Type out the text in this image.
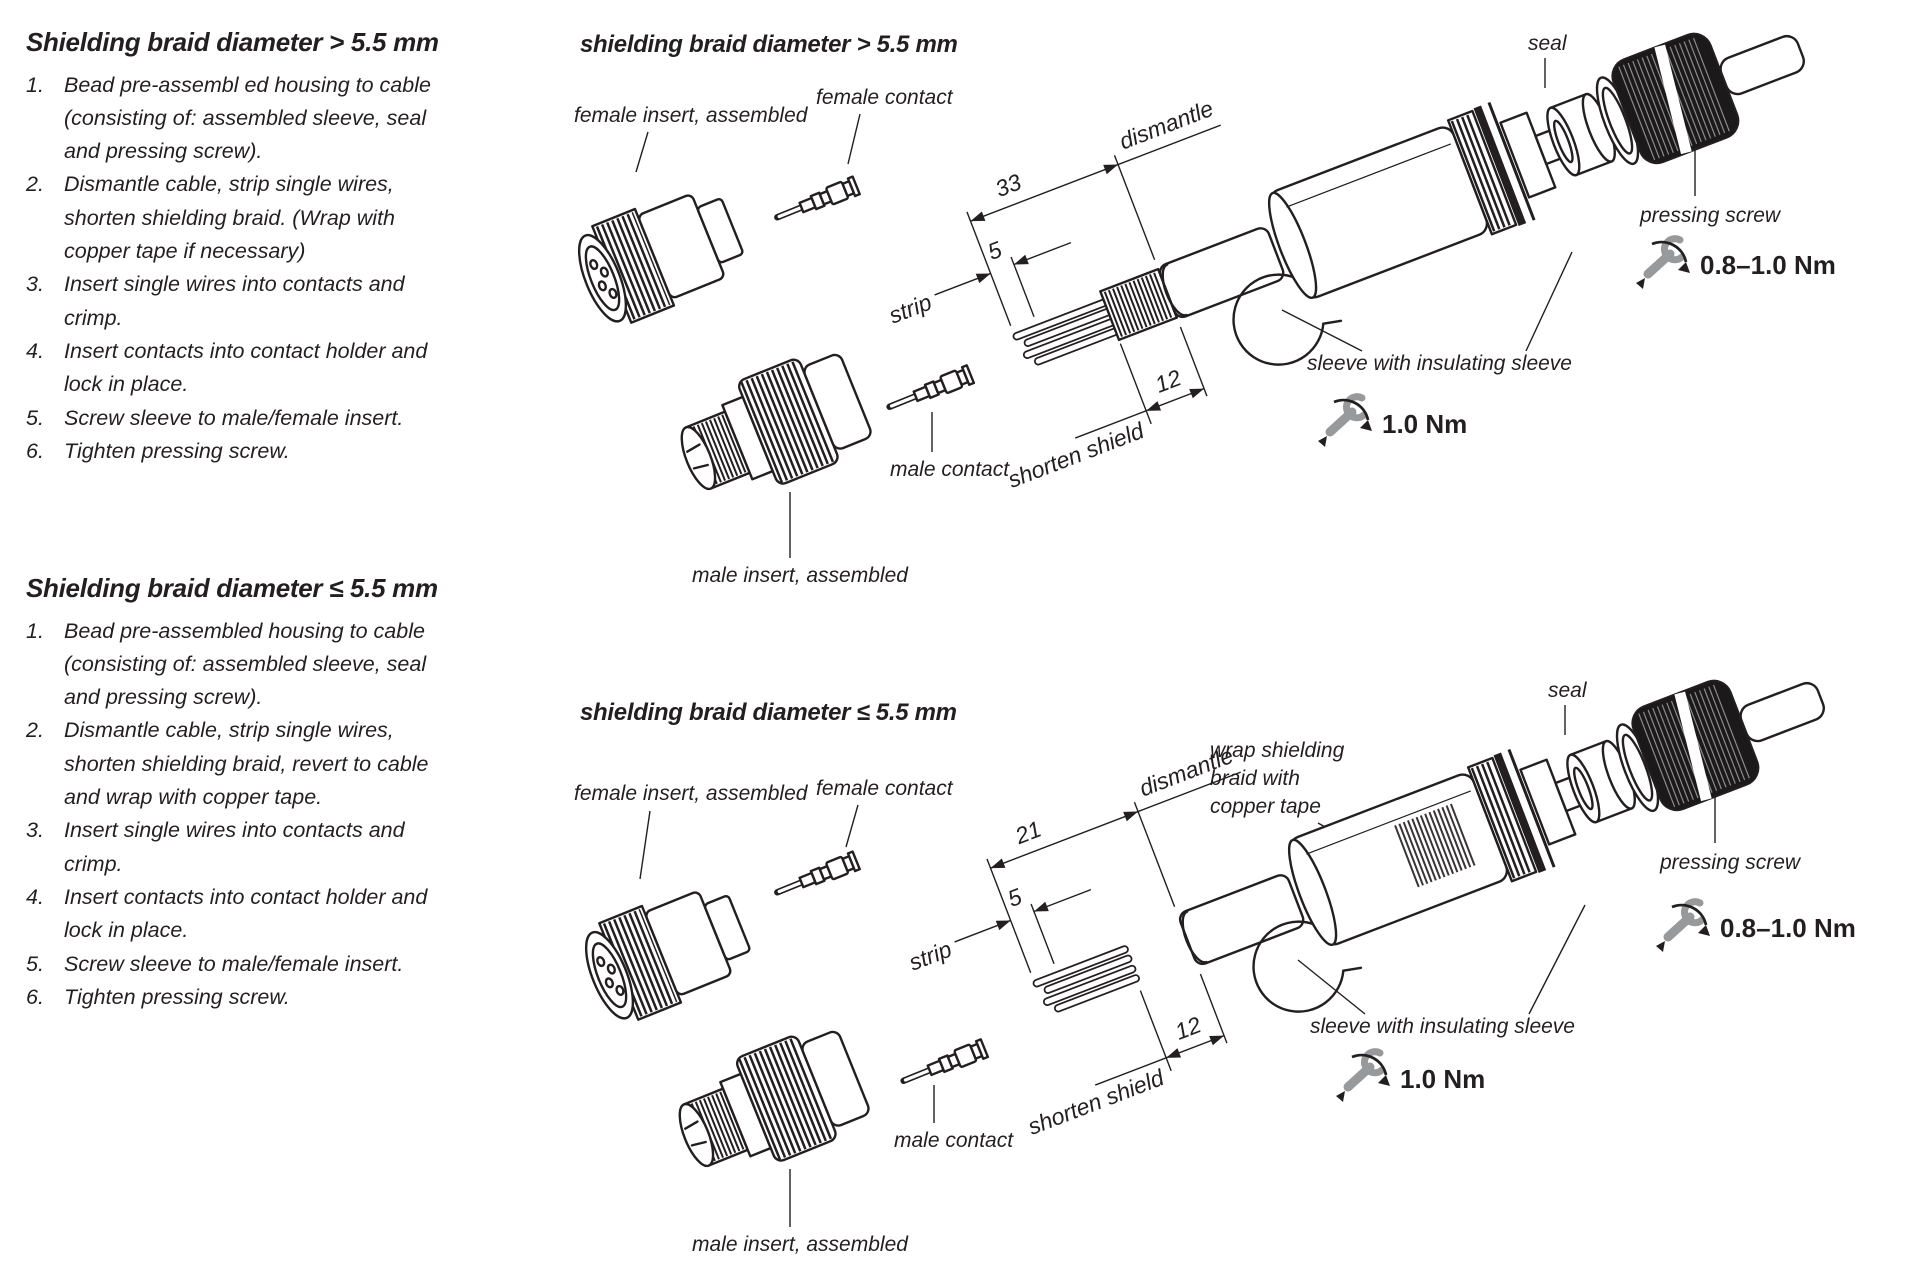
Shielding braid diameter > 5.5 mm
1. Bead pre-assembl ed housing to cable (consisting of: assembled sleeve, seal and pressing screw).
2. Dismantle cable, strip single wires, shorten shielding braid. (Wrap with copper tape if necessary)
3. Insert single wires into contacts and crimp.
4. Insert contacts into contact holder and lock in place.
5. Screw sleeve to male/female insert.
6. Tighten pressing screw.
Shielding braid diameter ≤ 5.5 mm
1. Bead pre-assembled housing to cable (consisting of: assembled sleeve, seal and pressing screw).
2. Dismantle cable, strip single wires, shorten shielding braid, revert to cable and wrap with copper tape.
3. Insert single wires into contacts and crimp.
4. Insert contacts into contact holder and lock in place.
5. Screw sleeve to male/female insert.
6. Tighten pressing screw.
shielding braid diameter > 5.5 mm
female insert, assembled
female contact
male insert, assembled
male contact
5
strip
33
dismantle
12
shorten shield
seal
pressing screw
sleeve with insulating sleeve
1.0 Nm
0.8–1.0 Nm
shielding braid diameter ≤ 5.5 mm
female insert, assembled female contact
male insert, assembled
male contact
wrap shielding
braid with
copper tape
5
strip
21
dismantle
12
shorten shield
seal
pressing screw
sleeve with insulating sleeve
1.0 Nm
0.8–1.0 Nm
